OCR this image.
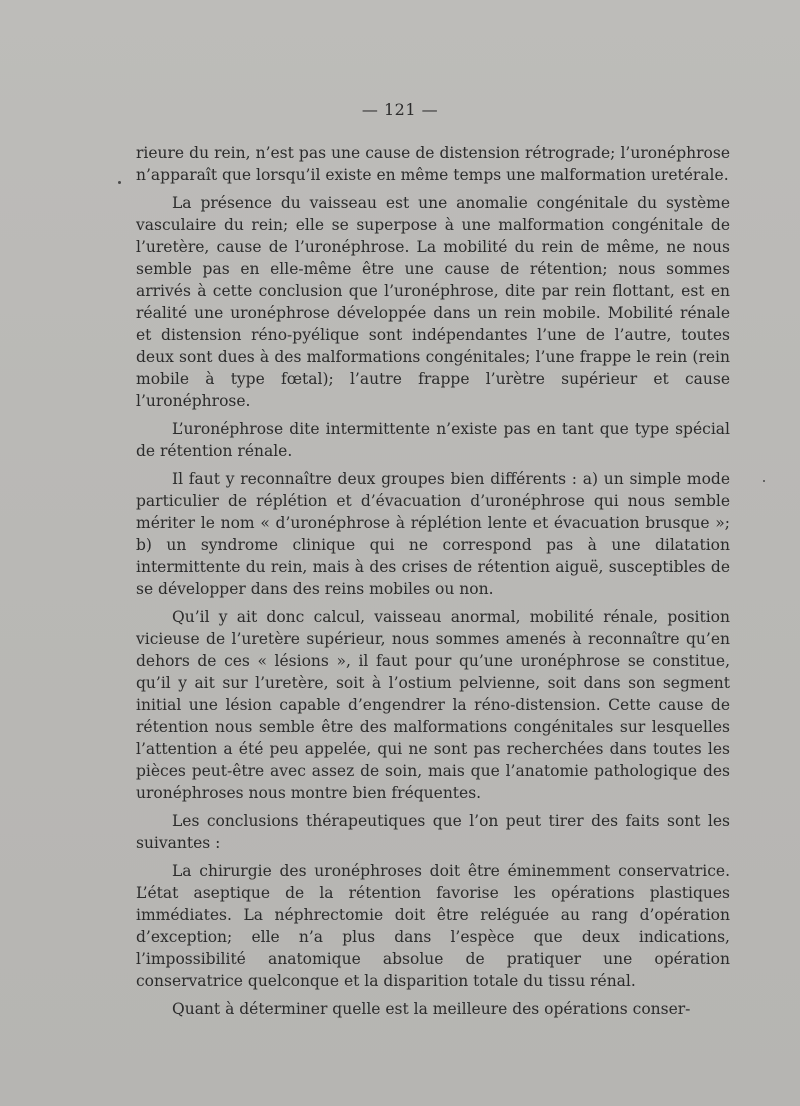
— 121 —

rieure du rein, n’est pas une cause de distension rétrograde; l’uronéphrose n’apparaît que lorsqu’il existe en même temps une malformation uretérale.

La présence du vaisseau est une anomalie congénitale du système vasculaire du rein; elle se superpose à une malformation congénitale de l’uretère, cause de l’uronéphrose. La mobilité du rein de même, ne nous semble pas en elle-même être une cause de rétention; nous sommes arrivés à cette conclusion que l’uronéphrose, dite par rein flottant, est en réalité une uronéphrose développée dans un rein mobile. Mobilité rénale et distension réno-pyélique sont indépendantes l’une de l’autre, toutes deux sont dues à des malformations congénitales; l’une frappe le rein (rein mobile à type fœtal); l’autre frappe l’urètre supérieur et cause l’uronéphrose.

L’uronéphrose dite intermittente n’existe pas en tant que type spécial de rétention rénale.

Il faut y reconnaître deux groupes bien différents : a) un simple mode particulier de réplétion et d’évacuation d’uronéphrose qui nous semble mériter le nom « d’uronéphrose à réplétion lente et évacuation brusque »; b) un syndrome clinique qui ne correspond pas à une dilatation intermittente du rein, mais à des crises de rétention aiguë, susceptibles de se développer dans des reins mobiles ou non.

Qu’il y ait donc calcul, vaisseau anormal, mobilité rénale, position vicieuse de l’uretère supérieur, nous sommes amenés à reconnaître qu’en dehors de ces « lésions », il faut pour qu’une uronéphrose se constitue, qu’il y ait sur l’uretère, soit à l’ostium pelvienne, soit dans son segment initial une lésion capable d’engendrer la réno-distension. Cette cause de rétention nous semble être des malformations congénitales sur lesquelles l’attention a été peu appelée, qui ne sont pas recherchées dans toutes les pièces peut-être avec assez de soin, mais que l’anatomie pathologique des uronéphroses nous montre bien fréquentes.

Les conclusions thérapeutiques que l’on peut tirer des faits sont les suivantes :

La chirurgie des uronéphroses doit être éminemment conservatrice. L’état aseptique de la rétention favorise les opérations plastiques immédiates. La néphrectomie doit être reléguée au rang d’opération d’exception; elle n’a plus dans l’espèce que deux indications, l’impossibilité anatomique absolue de pratiquer une opération conservatrice quelconque et la disparition totale du tissu rénal.

Quant à déterminer quelle est la meilleure des opérations conser-
